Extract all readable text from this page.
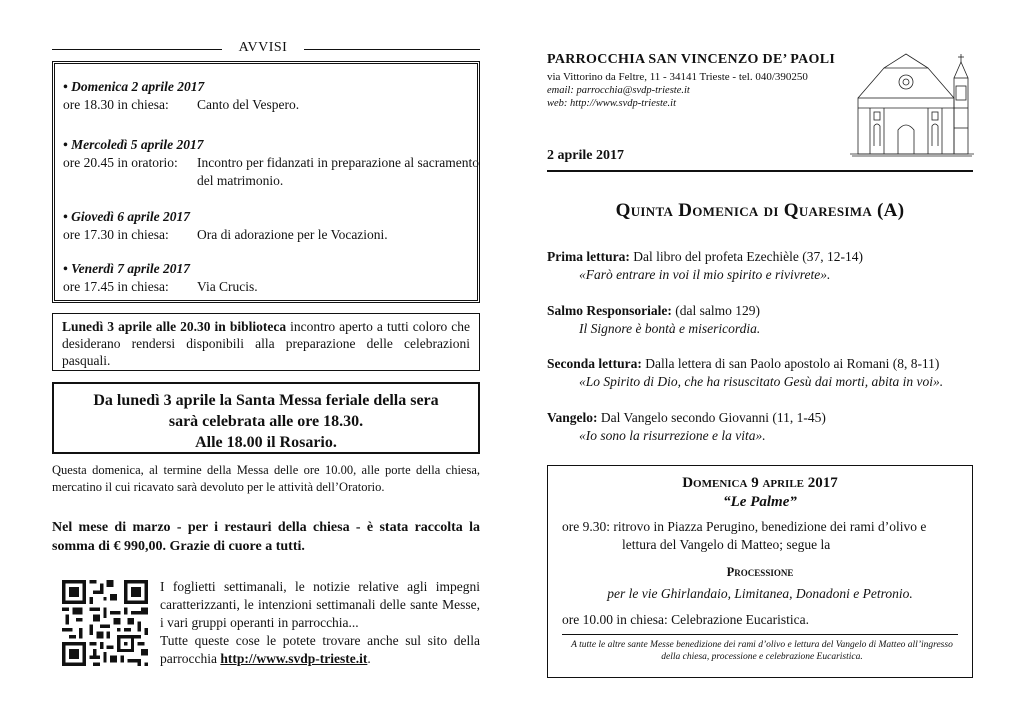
AVVISI
• Domenica 2 aprile 2017
ore 18.30 in chiesa:	Canto del Vespero.
• Mercoledì 5 aprile 2017
ore 20.45 in oratorio:	Incontro per fidanzati in preparazione al sacramento del matrimonio.
• Giovedì 6 aprile 2017
ore 17.30 in chiesa:	Ora di adorazione per le Vocazioni.
• Venerdì 7 aprile 2017
ore 17.45 in chiesa:	Via Crucis.
Lunedì 3 aprile alle 20.30 in biblioteca incontro aperto a tutti coloro che desiderano rendersi disponibili alla preparazione delle celebrazioni pasquali.
Da lunedì 3 aprile la Santa Messa feriale della sera
sarà celebrata alle ore 18.30.
Alle 18.00 il Rosario.
Questa domenica, al termine della Messa delle ore 10.00, alle porte della chiesa, mercatino il cui ricavato sarà devoluto per le attività dell’Oratorio.
Nel mese di marzo - per i restauri della chiesa - è stata raccolta la somma di € 990,00. Grazie di cuore a tutti.
I foglietti settimanali, le notizie relative agli impegni caratterizzanti, le intenzioni settimanali delle sante Messe, i vari gruppi operanti in parrocchia...
Tutte queste cose le potete trovare anche sul sito della parrocchia http://www.svdp-trieste.it.
PARROCCHIA SAN VINCENZO DE’ PAOLI
via Vittorino da Feltre, 11 - 34141 Trieste - tel. 040/390250
email: parrocchia@svdp-trieste.it
web: http://www.svdp-trieste.it
2 aprile 2017
Quinta Domenica di Quaresima (A)
Prima lettura: Dal libro del profeta Ezechièle (37, 12-14)
«Farò entrare in voi il mio spirito e rivivrete».
Salmo Responsoriale: (dal salmo 129)
Il Signore è bontà e misericordia.
Seconda lettura: Dalla lettera di san Paolo apostolo ai Romani (8, 8-11)
«Lo Spirito di Dio, che ha risuscitato Gesù dai morti, abita in voi».
Vangelo: Dal Vangelo secondo Giovanni (11, 1-45)
«Io sono la risurrezione e la vita».
Domenica 9 aprile 2017
“Le Palme”
ore 9.30: ritrovo in Piazza Perugino, benedizione dei rami d’olivo e
lettura del Vangelo di Matteo; segue la
Processione
per le vie Ghirlandaio, Limitanea, Donadoni e Petronio.
ore 10.00 in chiesa: Celebrazione Eucaristica.
A tutte le altre sante Messe benedizione dei rami d’olivo e lettura del Vangelo di Matteo all’ingresso della chiesa, processione e celebrazione Eucaristica.
